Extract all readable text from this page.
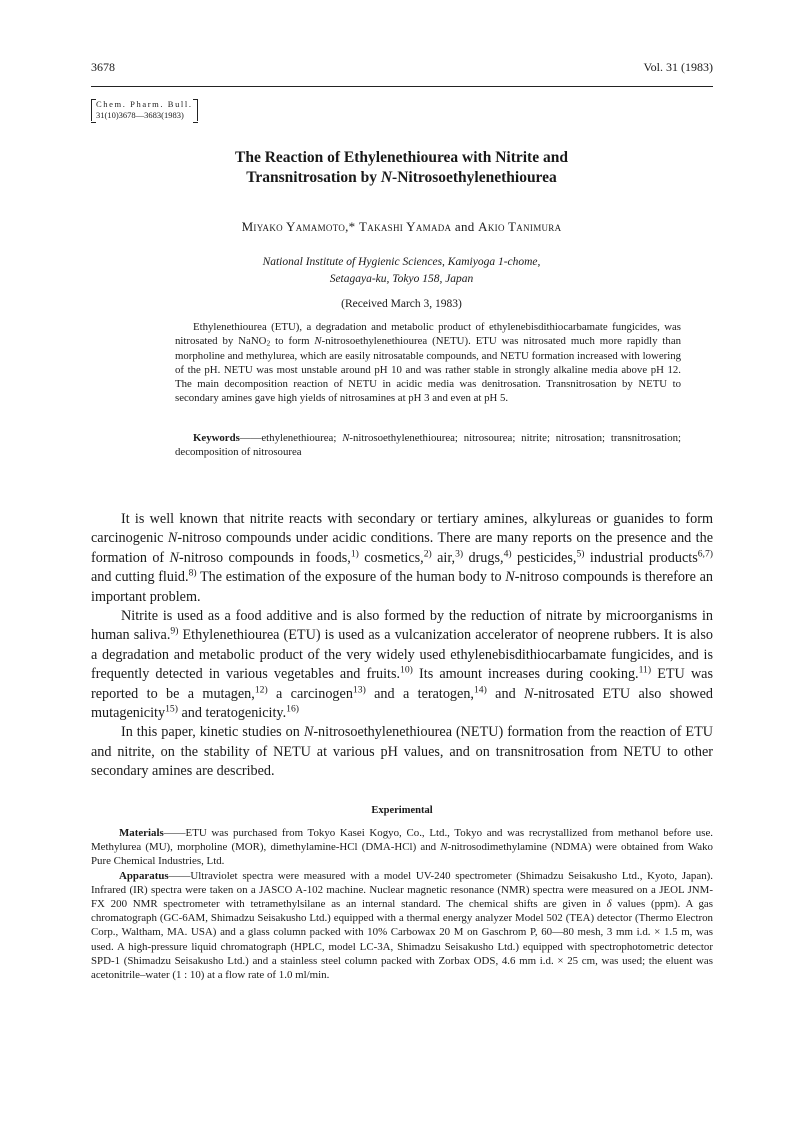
3678	Vol. 31 (1983)
Chem. Pharm. Bull.
31(10)3678—3683(1983)
The Reaction of Ethylenethiourea with Nitrite and
Transnitrosation by N-Nitrosoethylenethiourea
Miyako Yamamoto,* Takashi Yamada and Akio Tanimura
National Institute of Hygienic Sciences, Kamiyoga 1-chome,
Setagaya-ku, Tokyo 158, Japan
(Received March 3, 1983)

Ethylenethiourea (ETU), a degradation and metabolic product of ethylenebisdithiocarbamate fungicides, was nitrosated by NaNO$_2$ to form N-nitrosoethylenethiourea (NETU). ETU was nitrosated much more rapidly than morpholine and methylurea, which are easily nitrosatable compounds, and NETU formation increased with lowering of the pH. NETU was most unstable around pH 10 and was rather stable in strongly alkaline media above pH 12. The main decomposition reaction of NETU in acidic media was denitrosation. Transnitrosation by NETU to secondary amines gave high yields of nitrosamines at pH 3 and even at pH 5.

Keywords——ethylenethiourea; N-nitrosoethylenethiourea; nitrosourea; nitrite; nitrosation; transnitrosation; decomposition of nitrosourea

It is well known that nitrite reacts with secondary or tertiary amines, alkylureas or guanides to form carcinogenic N-nitroso compounds under acidic conditions. There are many reports on the presence and the formation of N-nitroso compounds in foods,$^{1)}$ cosmetics,$^{2)}$ air,$^{3)}$ drugs,$^{4)}$ pesticides,$^{5)}$ industrial products$^{6,7)}$ and cutting fluid.$^{8)}$ The estimation of the exposure of the human body to N-nitroso compounds is therefore an important problem.

Nitrite is used as a food additive and is also formed by the reduction of nitrate by microorganisms in human saliva.$^{9)}$ Ethylenethiourea (ETU) is used as a vulcanization accelerator of neoprene rubbers. It is also a degradation and metabolic product of the very widely used ethylenebisdithiocarbamate fungicides, and is frequently detected in various vegetables and fruits.$^{10)}$ Its amount increases during cooking.$^{11)}$ ETU was reported to be a mutagen,$^{12)}$ a carcinogen$^{13)}$ and a teratogen,$^{14)}$ and N-nitrosated ETU also showed mutagenicity$^{15)}$ and teratogenicity.$^{16)}$

In this paper, kinetic studies on N-nitrosoethylenethiourea (NETU) formation from the reaction of ETU and nitrite, on the stability of NETU at various pH values, and on transnitrosation from NETU to other secondary amines are described.

Experimental

Materials——ETU was purchased from Tokyo Kasei Kogyo, Co., Ltd., Tokyo and was recrystallized from methanol before use. Methylurea (MU), morpholine (MOR), dimethylamine-HCl (DMA-HCl) and N-nitrosodimethylamine (NDMA) were obtained from Wako Pure Chemical Industries, Ltd.

Apparatus——Ultraviolet spectra were measured with a model UV-240 spectrometer (Shimadzu Seisakusho Ltd., Kyoto, Japan). Infrared (IR) spectra were taken on a JASCO A-102 machine. Nuclear magnetic resonance (NMR) spectra were measured on a JEOL JNM-FX 200 NMR spectrometer with tetramethylsilane as an internal standard. The chemical shifts are given in δ values (ppm). A gas chromatograph (GC-6AM, Shimadzu Seisakusho Ltd.) equipped with a thermal energy analyzer Model 502 (TEA) detector (Thermo Electron Corp., Waltham, MA. USA) and a glass column packed with 10% Carbowax 20 M on Gaschrom P, 60—80 mesh, 3 mm i.d. × 1.5 m, was used. A high-pressure liquid chromatograph (HPLC, model LC-3A, Shimadzu Seisakusho Ltd.) equipped with spectrophotometric detector SPD-1 (Shimadzu Seisakusho Ltd.) and a stainless steel column packed with Zorbax ODS, 4.6 mm i.d. × 25 cm, was used; the eluent was acetonitrile–water (1 : 10) at a flow rate of 1.0 ml/min.
